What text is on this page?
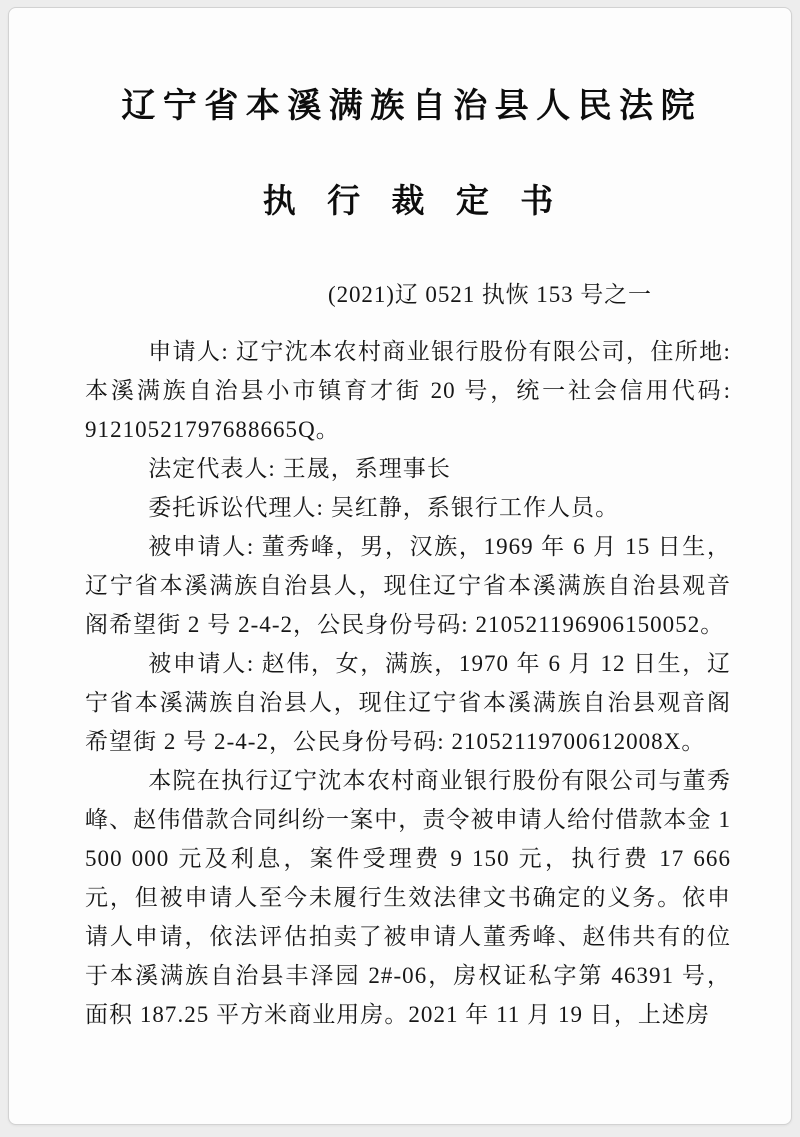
辽宁省本溪满族自治县人民法院
执行裁定书
(2021)辽 0521 执恢 153 号之一

申请人: 辽宁沈本农村商业银行股份有限公司，住所地: 本溪满族自治县小市镇育才街 20 号，统一社会信用代码: 91210521797688665Q。

法定代表人: 王晟，系理事长

委托诉讼代理人: 吴红静，系银行工作人员。

被申请人: 董秀峰，男，汉族，1969 年 6 月 15 日生，辽宁省本溪满族自治县人，现住辽宁省本溪满族自治县观音阁希望街 2 号 2-4-2，公民身份号码: 210521196906150052。

被申请人: 赵伟，女，满族，1970 年 6 月 12 日生，辽宁省本溪满族自治县人，现住辽宁省本溪满族自治县观音阁希望街 2 号 2-4-2，公民身份号码: 21052119700612008X。

本院在执行辽宁沈本农村商业银行股份有限公司与董秀峰、赵伟借款合同纠纷一案中，责令被申请人给付借款本金 1 500 000 元及利息，案件受理费 9 150 元，执行费 17 666 元，但被申请人至今未履行生效法律文书确定的义务。依申请人申请，依法评估拍卖了被申请人董秀峰、赵伟共有的位于本溪满族自治县丰泽园 2#-06，房权证私字第 46391 号，面积 187.25 平方米商业用房。2021 年 11 月 19 日，上述房
